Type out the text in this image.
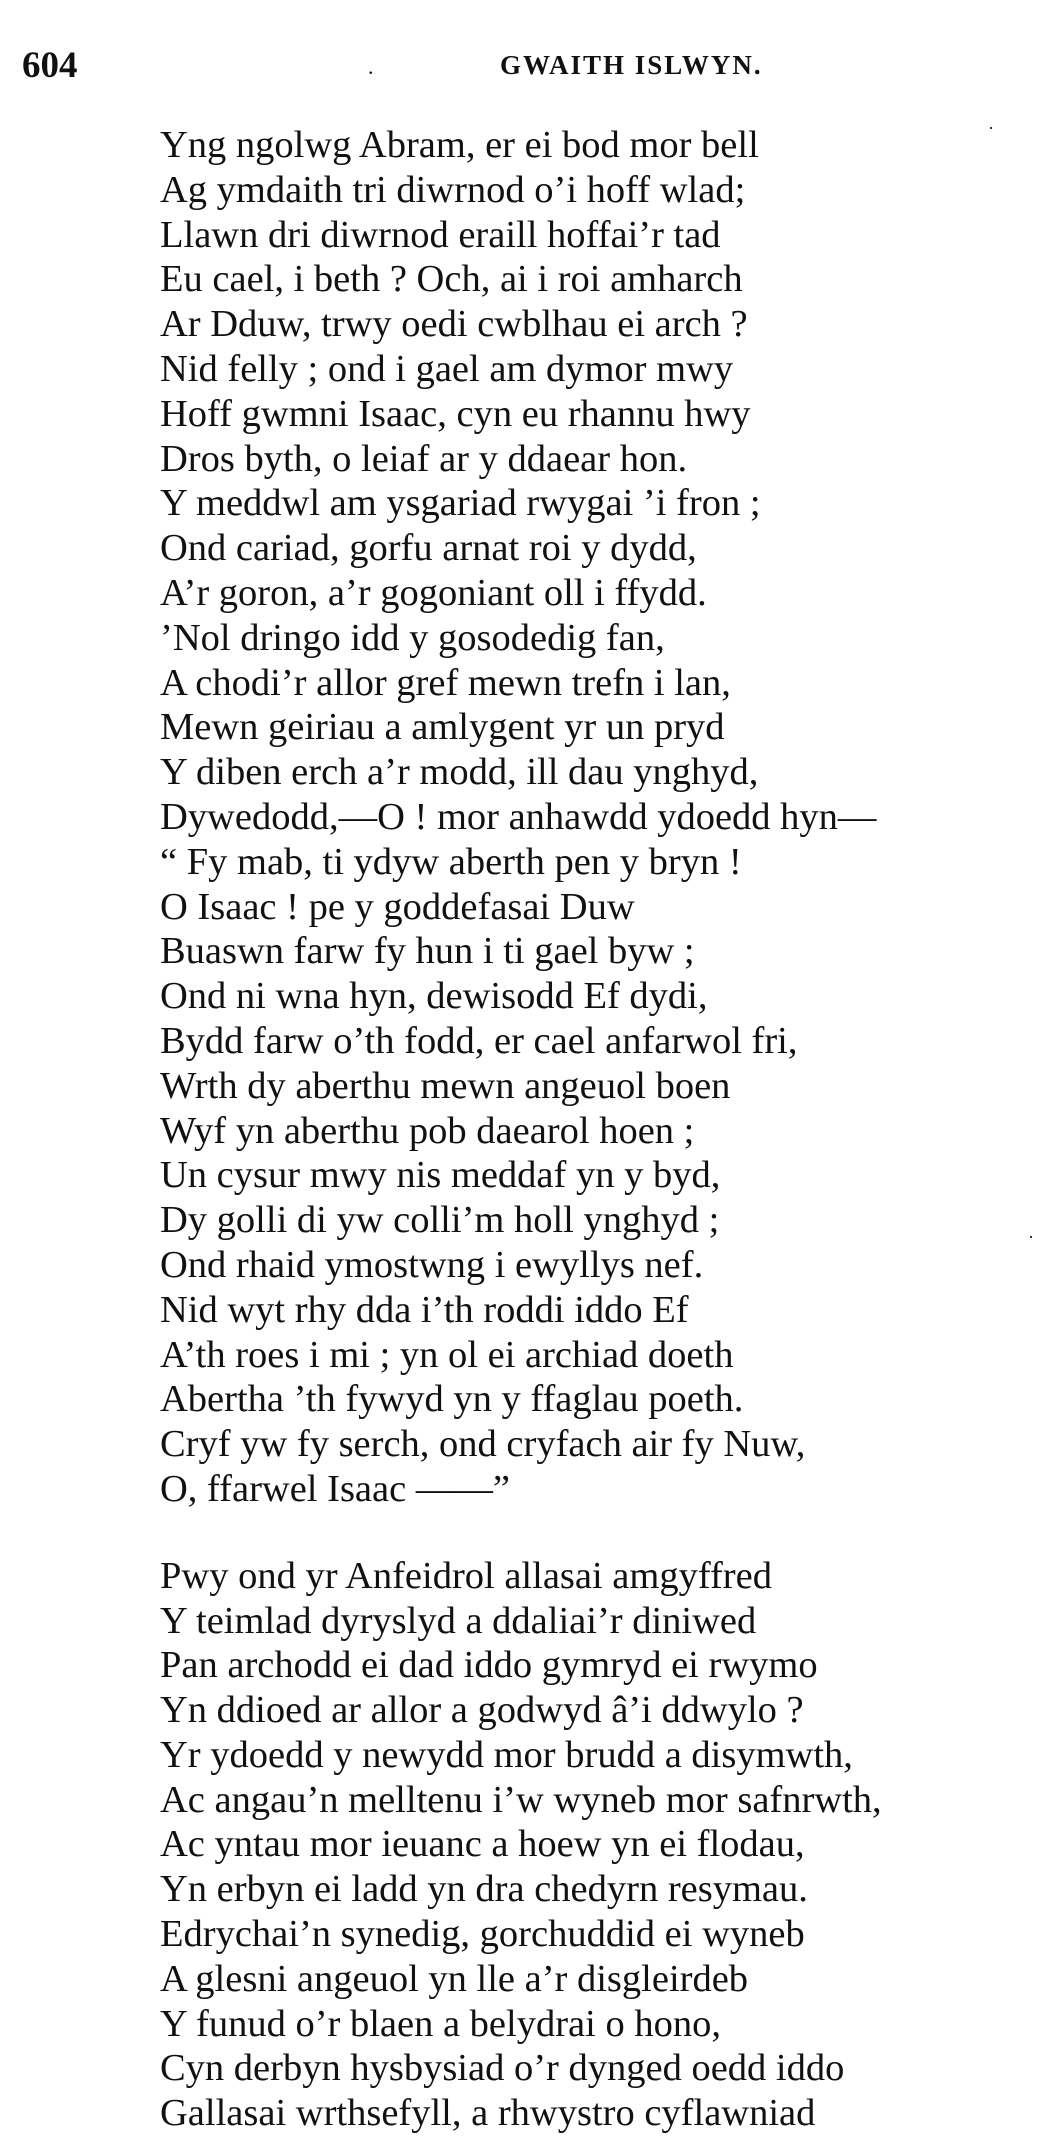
604	.	GWAITH ISLWYN.
·
·
Yng ngolwg Abram, er ei bod mor bell
Ag ymdaith tri diwrnod o’i hoff wlad;
Llawn dri diwrnod eraill hoffai’r tad
Eu cael, i beth ? Och, ai i roi amharch
Ar Dduw, trwy oedi cwblhau ei arch ?
Nid felly ; ond i gael am dymor mwy
Hoff gwmni Isaac, cyn eu rhannu hwy
Dros byth, o leiaf ar y ddaear hon.
Y meddwl am ysgariad rwygai ’i fron ;
Ond cariad, gorfu arnat roi y dydd,
A’r goron, a’r gogoniant oll i ffydd.
’Nol dringo idd y gosodedig fan,
A chodi’r allor gref mewn trefn i lan,
Mewn geiriau a amlygent yr un pryd
Y diben erch a’r modd, ill dau ynghyd,
Dywedodd,—O ! mor anhawdd ydoedd hyn—
“ Fy mab, ti ydyw aberth pen y bryn !
O Isaac ! pe y goddefasai Duw
Buaswn farw fy hun i ti gael byw ;
Ond ni wna hyn, dewisodd Ef dydi,
Bydd farw o’th fodd, er cael anfarwol fri,
Wrth dy aberthu mewn angeuol boen
Wyf yn aberthu pob daearol hoen ;
Un cysur mwy nis meddaf yn y byd,
Dy golli di yw colli’m holl ynghyd ;
Ond rhaid ymostwng i ewyllys nef.
Nid wyt rhy dda i’th roddi iddo Ef
A’th roes i mi ; yn ol ei archiad doeth
Abertha ’th fywyd yn y ffaglau poeth.
Cryf yw fy serch, ond cryfach air fy Nuw,
O, ffarwel Isaac ——”
Pwy ond yr Anfeidrol allasai amgyffred
Y teimlad dyryslyd a ddaliai’r diniwed
Pan archodd ei dad iddo gymryd ei rwymo
Yn ddioed ar allor a godwyd â’i ddwylo ?
Yr ydoedd y newydd mor brudd a disymwth,
Ac angau’n melltenu i’w wyneb mor safnrwth,
Ac yntau mor ieuanc a hoew yn ei flodau,
Yn erbyn ei ladd yn dra chedyrn resymau.
Edrychai’n synedig, gorchuddid ei wyneb
A glesni angeuol yn lle a’r disgleirdeb
Y funud o’r blaen a belydrai o hono,
Cyn derbyn hysbysiad o’r dynged oedd iddo
Gallasai wrthsefyll, a rhwystro cyflawniad
